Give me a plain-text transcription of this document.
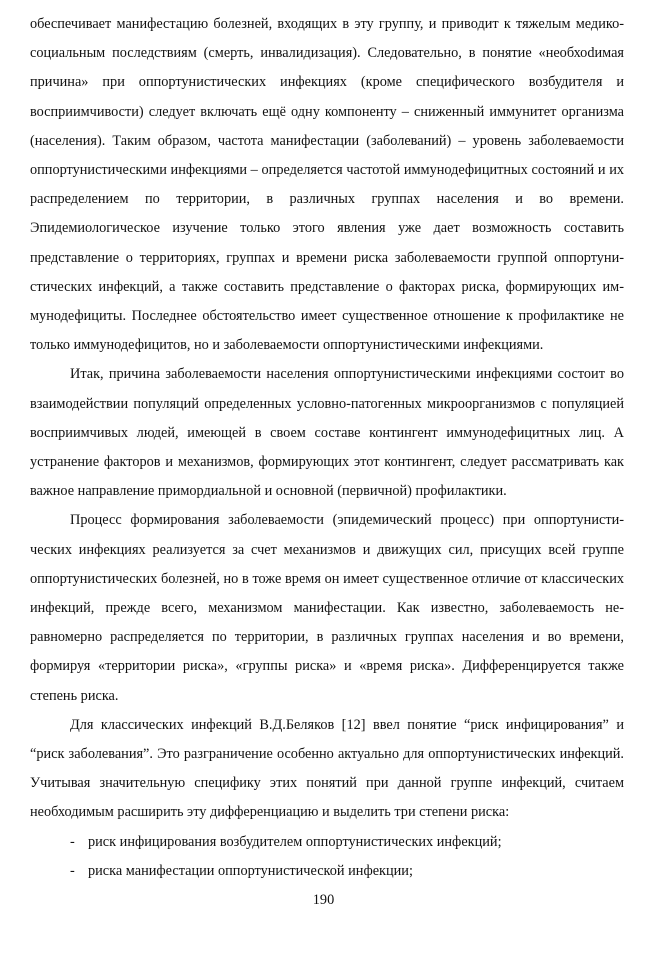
обеспечивает манифестацию болезней, входящих в эту группу, и приводит к тяжелым медико-социальным последствиям (смерть, инвалидизация). Следовательно, в понятие «необхоdимая причина» при оппортунистических инфекциях (кроме специфического возбудителя и восприимчивости) следует включать ещё одну компоненту – сниженный иммунитет организма (населения). Таким образом, частота манифестации (заболеваний) – уровень заболеваемости оппортунистическими инфекциями – определяется частотой иммунодефицитных состояний и их распределением по территории, в различных группах населения и во времени. Эпидемиологическое изучение только этого явления уже дает возможность составить представление о территориях, группах и времени риска заболеваемости группой оппортунистических инфекций, а также составить представление о факторах риска, формирующих иммунодефициты. Последнее обстоятельство имеет существенное отношение к профилактике не только иммунодефицитов, но и заболеваемости оппортунистическими инфекциями.

Итак, причина заболеваемости населения оппортунистическими инфекциями состоит во взаимодействии популяций определенных условно-патогенных микроорганизмов с популяцией восприимчивых людей, имеющей в своем составе контингент иммунодефицитных лиц. А устранение факторов и механизмов, формирующих этот контингент, следует рассматривать как важное направление примордиальной и основной (первичной) профилактики.

Процесс формирования заболеваемости (эпидемический процесс) при оппортунистических инфекциях реализуется за счет механизмов и движущих сил, присущих всей группе оппортунистических болезней, но в тоже время он имеет существенное отличие от классических инфекций, прежде всего, механизмом манифестации. Как известно, заболеваемость неравномерно распределяется по территории, в различных группах населения и во времени, формируя «территории риска», «группы риска» и «время риска». Дифференцируется также степень риска.

Для классических инфекций В.Д.Беляков [12] ввел понятие “риск инфицирования” и “риск заболевания”. Это разграничение особенно актуально для оппортунистических инфекций. Учитывая значительную специфику этих понятий при данной группе инфекций, считаем необходимым расширить эту дифференциацию и выделить три степени риска:

- риск инфицирования возбудителем оппортунистических инфекций;
- риска манифестации оппортунистической инфекции;
190
